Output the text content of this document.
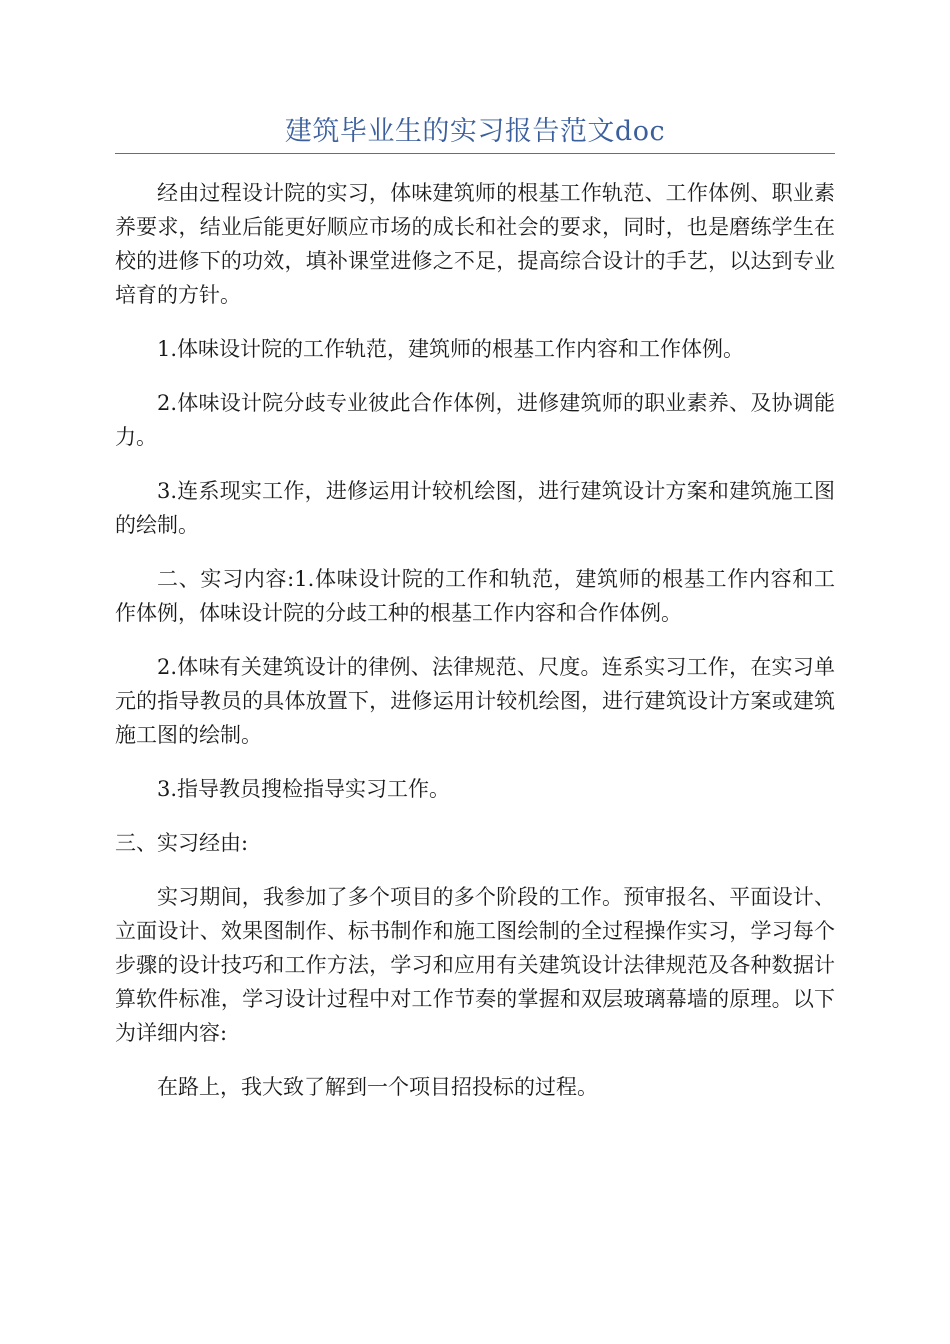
建筑毕业生的实习报告范文doc

经由过程设计院的实习，体味建筑师的根基工作轨范、工作体例、职业素养要求，结业后能更好顺应市场的成长和社会的要求，同时，也是磨练学生在校的进修下的功效，填补课堂进修之不足，提高综合设计的手艺，以达到专业培育的方针。

1.体味设计院的工作轨范，建筑师的根基工作内容和工作体例。

2.体味设计院分歧专业彼此合作体例，进修建筑师的职业素养、及协调能力。

3.连系现实工作，进修运用计较机绘图，进行建筑设计方案和建筑施工图的绘制。

二、实习内容:1.体味设计院的工作和轨范，建筑师的根基工作内容和工作体例，体味设计院的分歧工种的根基工作内容和合作体例。

2.体味有关建筑设计的律例、法律规范、尺度。连系实习工作，在实习单元的指导教员的具体放置下，进修运用计较机绘图，进行建筑设计方案或建筑施工图的绘制。

3.指导教员搜检指导实习工作。

三、实习经由:

实习期间，我参加了多个项目的多个阶段的工作。预审报名、平面设计、立面设计、效果图制作、标书制作和施工图绘制的全过程操作实习，学习每个步骤的设计技巧和工作方法，学习和应用有关建筑设计法律规范及各种数据计算软件标准，学习设计过程中对工作节奏的掌握和双层玻璃幕墙的原理。以下为详细内容:

在路上，我大致了解到一个项目招投标的过程。
